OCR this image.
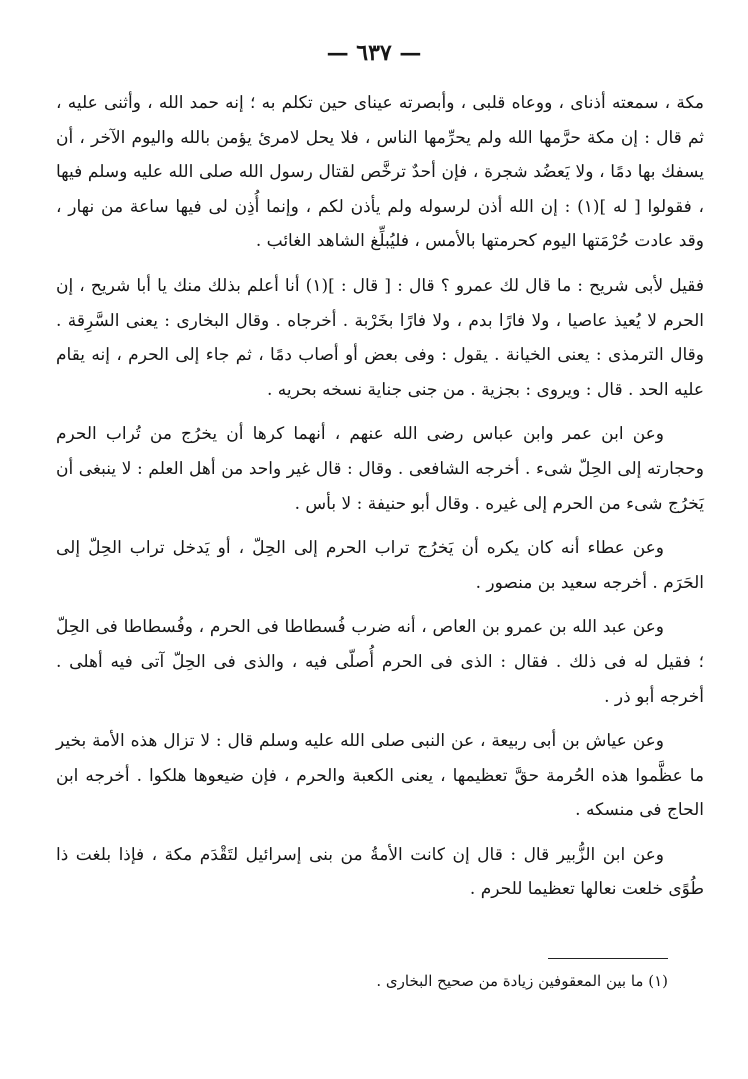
— ٦٣٧ —

مكة ، سمعته أذناى ، ووعاه قلبى ، وأبصرته عيناى حين تكلم به ؛ إنه حمد الله ، وأثنى عليه ، ثم قال : إن مكة حرَّمها الله ولم يحرِّمها الناس ، فلا يحل لامرئ يؤمن بالله واليوم الآخر ، أن يسفك بها دمًا ، ولا يَعضُد شجرة ، فإن أحدٌ ترخَّص لقتال رسول الله صلى الله عليه وسلم فيها ، فقولوا [ له ](١) : إن الله أذن لرسوله ولم يأذن لكم ، وإنما أُذِن لى فيها ساعة من نهار ، وقد عادت حُرْمَتها اليوم كحرمتها بالأمس ، فليُبلِّغ الشاهد الغائب .

فقيل لأبى شريح : ما قال لك عمرو ؟ قال : [ قال : ](١) أنا أعلم بذلك منك يا أبا شريح ، إن الحرم لا يُعيذ عاصيا ، ولا فارًا بدم ، ولا فارًا بخَرْبة . أخرجاه . وقال البخارى : يعنى السَّرِقة . وقال الترمذى : يعنى الخيانة . يقول : وفى بعض أو أصاب دمًا ، ثم جاء إلى الحرم ، إنه يقام عليه الحد . قال : ويروى : بجزية . من جنى جناية نسخه بحريه .

وعن ابن عمر وابن عباس رضى الله عنهم ، أنهما كرها أن يخرُج من تُراب الحرم وحجارته إلى الحِلّ شىء . أخرجه الشافعى . وقال : قال غير واحد من أهل العلم : لا ينبغى أن يَخرُج شىء من الحرم إلى غيره . وقال أبو حنيفة : لا بأس .

وعن عطاء أنه كان يكره أن يَخرُج تراب الحرم إلى الحِلّ ، أو يَدخل تراب الحِلّ إلى الحَرَم . أخرجه سعيد بن منصور .

وعن عبد الله بن عمرو بن العاص ، أنه ضرب فُسطاطا فى الحرم ، وفُسطاطا فى الحِلّ ؛ فقيل له فى ذلك . فقال : الذى فى الحرم أُصلّى فيه ، والذى فى الحِلّ آتى فيه أهلى . أخرجه أبو ذر .

وعن عياش بن أبى ربيعة ، عن النبى صلى الله عليه وسلم قال : لا تزال هذه الأمة بخير ما عظَّموا هذه الحُرمة حقَّ تعظيمها ، يعنى الكعبة والحرم ، فإن ضيعوها هلكوا . أخرجه ابن الحاج فى منسكه .

وعن ابن الزُّبير قال : قال إن كانت الأمةُ من بنى إسرائيل لتَقْدَم مكة ، فإذا بلغت ذا طُوًى خلعت نعالها تعظيما للحرم .

(١) ما بين المعقوفين زيادة من صحيح البخارى .
